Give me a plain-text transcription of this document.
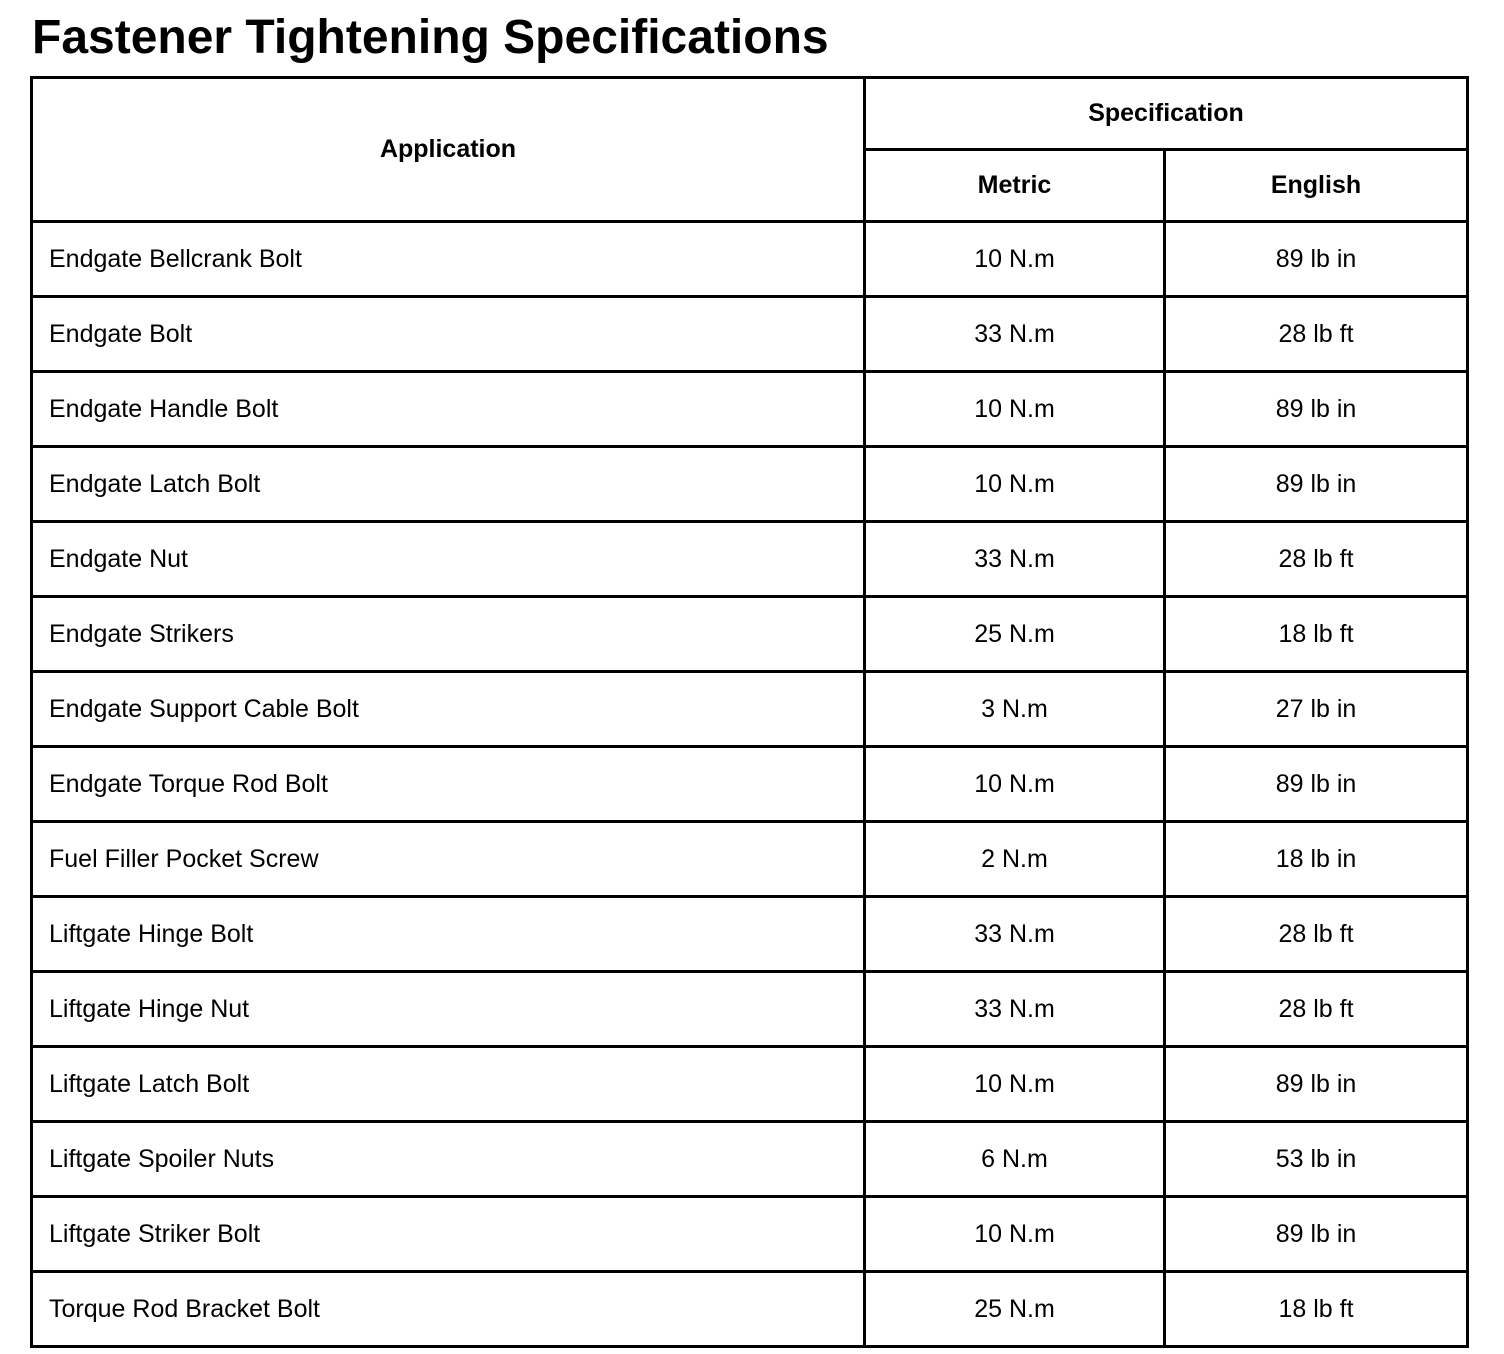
Fastener Tightening Specifications
Application	Specification	
	Metric	English
Endgate Bellcrank Bolt	10 N.m	89 lb in
Endgate Bolt	33 N.m	28 lb ft
Endgate Handle Bolt	10 N.m	89 lb in
Endgate Latch Bolt	10 N.m	89 lb in
Endgate Nut	33 N.m	28 lb ft
Endgate Strikers	25 N.m	18 lb ft
Endgate Support Cable Bolt	3 N.m	27 lb in
Endgate Torque Rod Bolt	10 N.m	89 lb in
Fuel Filler Pocket Screw	2 N.m	18 lb in
Liftgate Hinge Bolt	33 N.m	28 lb ft
Liftgate Hinge Nut	33 N.m	28 lb ft
Liftgate Latch Bolt	10 N.m	89 lb in
Liftgate Spoiler Nuts	6 N.m	53 lb in
Liftgate Striker Bolt	10 N.m	89 lb in
Torque Rod Bracket Bolt	25 N.m	18 lb ft
